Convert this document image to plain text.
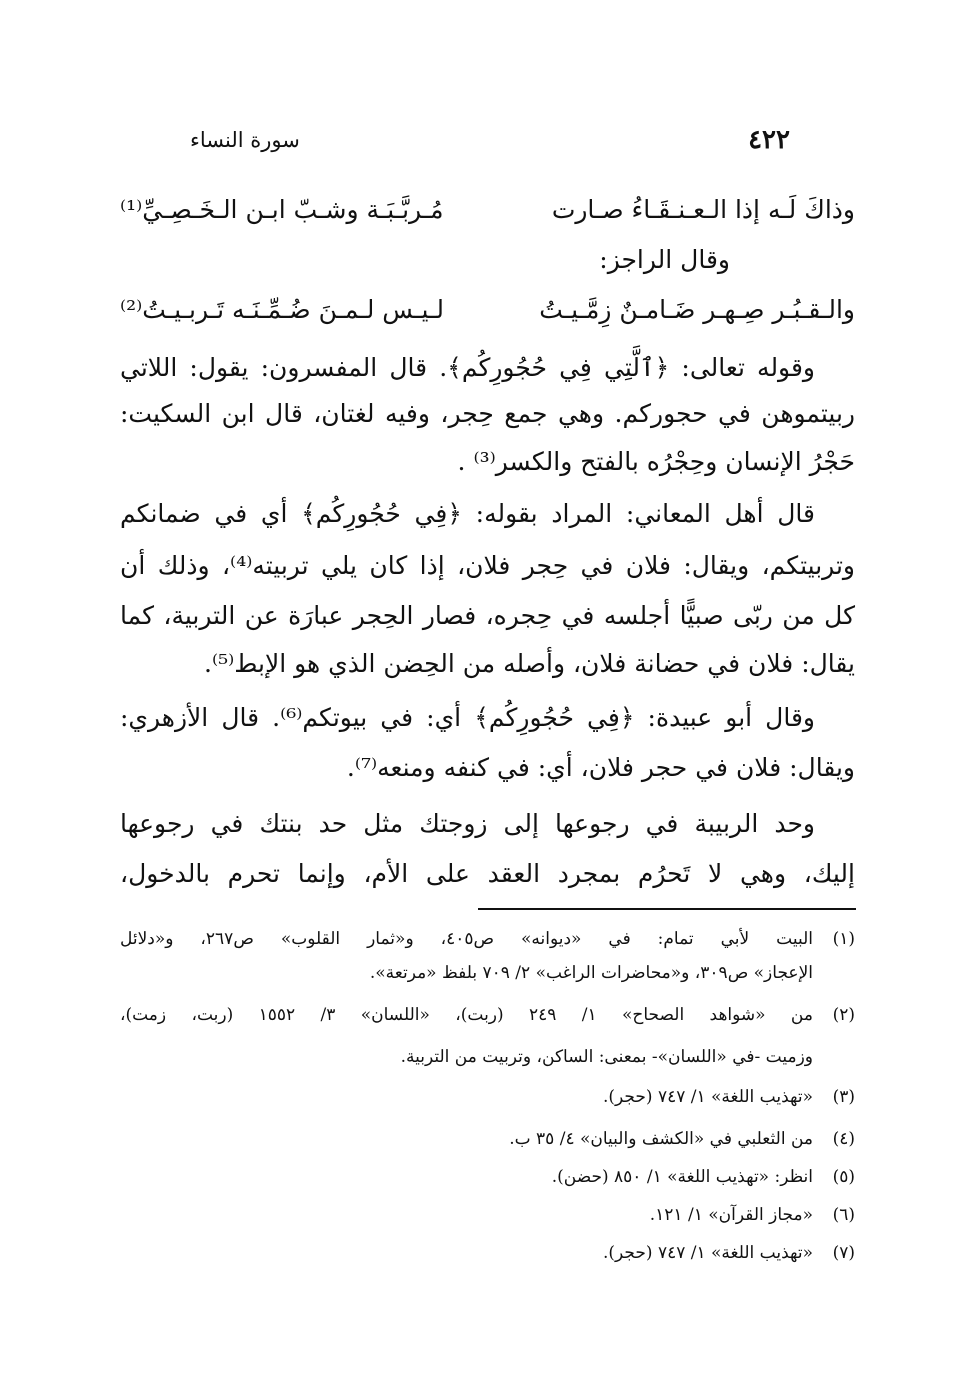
٤٢٢
سورة النساء
وذاكَ لَـه إذا الـعـنـقَـاءُ صـارت
مُـربَّـبَـة وشـبّ ابـن الـخَـصِـيِّ⁽¹⁾
وقال الراجز:
والـقـبُـر صِـهـر ضَـامـنٌ زِمَّـيـتُ
لـيـس لـمـنَ ضُـمِّـنَـه تَـربـيـتُ⁽²⁾
وقوله تعالى: ﴿ٱلَّتِي فِي حُجُورِكُم﴾. قال المفسرون: يقول: اللاتي
ربيتموهن في حجوركم. وهي جمع حِجر، وفيه لغتان، قال ابن السكيت:
حَجْرُ الإنسان وحِجْرُه بالفتح والكسر⁽³⁾ .
قال أهل المعاني: المراد بقوله: ﴿فِي حُجُورِكُم﴾ أي في ضمانكم
وتربيتكم، ويقال: فلان في حِجر فلان، إذا كان يلي تربيته⁽⁴⁾، وذلك أن
كل من ربّى صبيًّا أجلسه في حِجره، فصار الحِجر عبارَة عن التربية، كما
يقال: فلان في حضانة فلان، وأصله من الحِضن الذي هو الإبط⁽⁵⁾.
وقال أبو عبيدة: ﴿فِي حُجُورِكُم﴾ أي: في بيوتكم⁽⁶⁾. قال الأزهري:
ويقال: فلان في حجر فلان، أي: في كنفه ومنعه⁽⁷⁾.
وحد الربيبة في رجوعها إلى زوجتك مثل حد بنتك في رجوعها
إليك، وهي لا تَحرُم بمجرد العقد على الأم، وإنما تحرم بالدخول،
(١)
البيت لأبي تمام: في «ديوانه» ص٤٠٥، و«ثمار القلوب» ص٢٦٧، و«دلائل
الإعجاز» ص٣٠٩، و«محاضرات الراغب» ٢/ ٧٠٩ بلفظ «مرتعة».
(٢)
من «شواهد الصحاح» ١/ ٢٤٩ (ربت)، «اللسان» ٣/ ١٥٥٢ (ربت، زمت)،
وزميت -في «اللسان»- بمعنى: الساكن، وتربيت من التربية.
(٣)
«تهذيب اللغة» ١/ ٧٤٧ (حجر).
(٤)
من الثعلبي في «الكشف والبيان» ٤/ ٣٥ ب.
(٥)
انظر: «تهذيب اللغة» ١/ ٨٥٠ (حضن).
(٦)
«مجاز القرآن» ١/ ١٢١.
(٧)
«تهذيب اللغة» ١/ ٧٤٧ (حجر).
